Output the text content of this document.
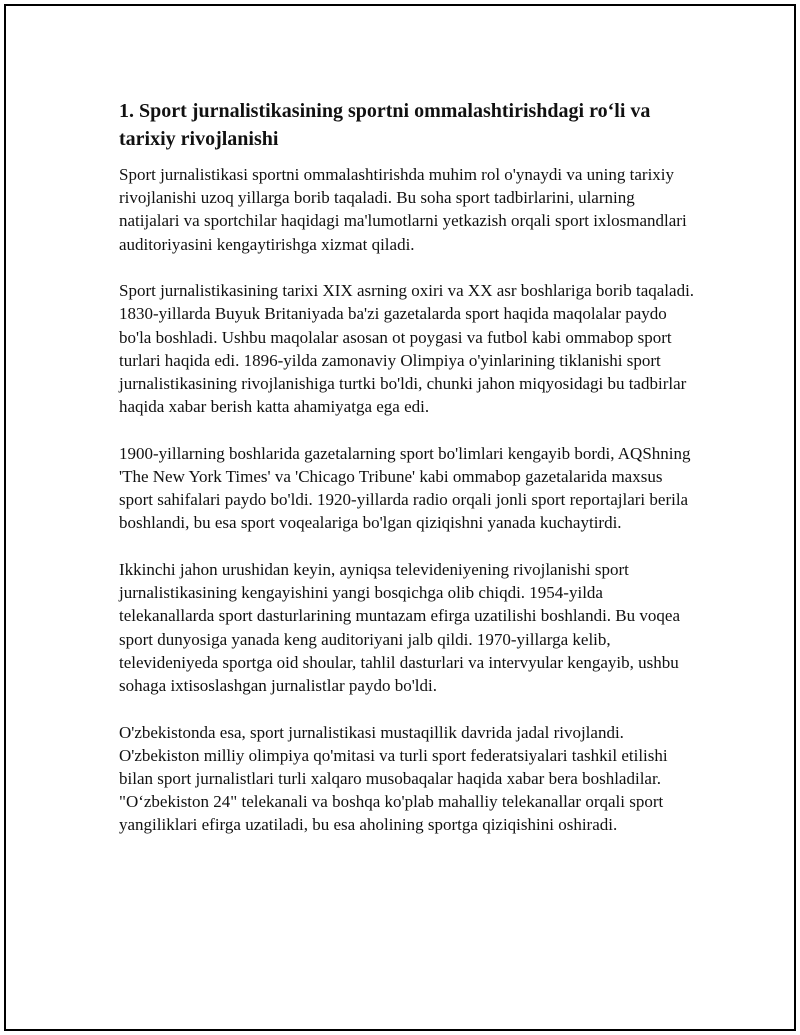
1. Sport jurnalistikasining sportni ommalashtirishdagi ro‘li va tarixiy rivojlanishi

Sport jurnalistikasi sportni ommalashtirishda muhim rol o'ynaydi va uning tarixiy rivojlanishi uzoq yillarga borib taqaladi. Bu soha sport tadbirlarini, ularning natijalari va sportchilar haqidagi ma'lumotlarni yetkazish orqali sport ixlosmandlari auditoriyasini kengaytirishga xizmat qiladi.

Sport jurnalistikasining tarixi XIX asrning oxiri va XX asr boshlariga borib taqaladi. 1830-yillarda Buyuk Britaniyada ba'zi gazetalarda sport haqida maqolalar paydo bo'la boshladi. Ushbu maqolalar asosan ot poygasi va futbol kabi ommabop sport turlari haqida edi. 1896-yilda zamonaviy Olimpiya o'yinlarining tiklanishi sport jurnalistikasining rivojlanishiga turtki bo'ldi, chunki jahon miqyosidagi bu tadbirlar haqida xabar berish katta ahamiyatga ega edi.

1900-yillarning boshlarida gazetalarning sport bo'limlari kengayib bordi, AQShning 'The New York Times' va 'Chicago Tribune' kabi ommabop gazetalarida maxsus sport sahifalari paydo bo'ldi. 1920-yillarda radio orqali jonli sport reportajlari berila boshlandi, bu esa sport voqealariga bo'lgan qiziqishni yanada kuchaytirdi.

Ikkinchi jahon urushidan keyin, ayniqsa televideniyening rivojlanishi sport jurnalistikasining kengayishini yangi bosqichga olib chiqdi. 1954-yilda telekanallarda sport dasturlarining muntazam efirga uzatilishi boshlandi. Bu voqea sport dunyosiga yanada keng auditoriyani jalb qildi. 1970-yillarga kelib, televideniyeda sportga oid shoular, tahlil dasturlari va intervyular kengayib, ushbu sohaga ixtisoslashgan jurnalistlar paydo bo'ldi.

O'zbekistonda esa, sport jurnalistikasi mustaqillik davrida jadal rivojlandi. O'zbekiston milliy olimpiya qo'mitasi va turli sport federatsiyalari tashkil etilishi bilan sport jurnalistlari turli xalqaro musobaqalar haqida xabar bera boshladilar. "O‘zbekiston 24" telekanali va boshqa ko'plab mahalliy telekanallar orqali sport yangiliklari efirga uzatiladi, bu esa aholining sportga qiziqishini oshiradi.
